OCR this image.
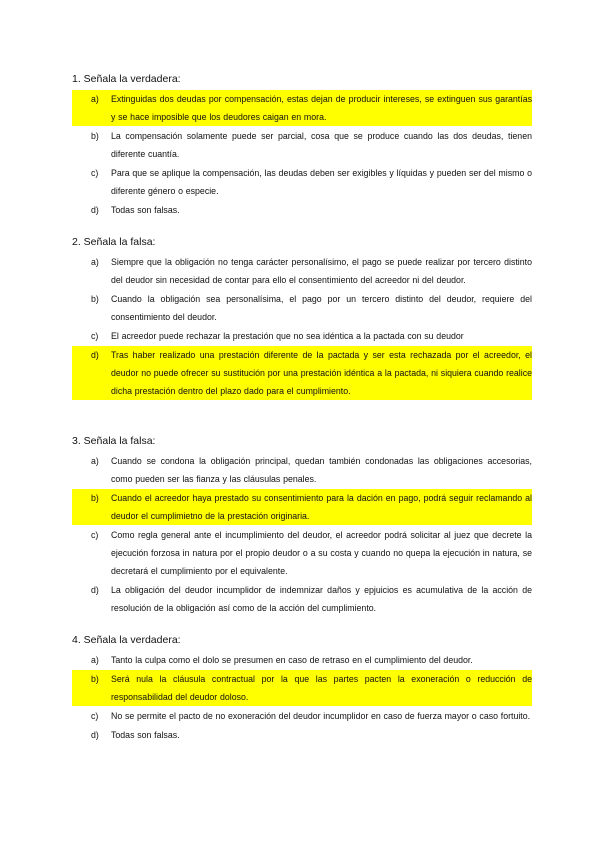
1. Señala la verdadera:
a)	Extinguidas dos deudas por compensación, estas dejan de producir intereses, se extinguen sus garantías y se hace imposible que los deudores caigan en mora.
b)	La compensación solamente puede ser parcial, cosa que se produce cuando las dos deudas, tienen diferente cuantía.
c)	Para que se aplique la compensación, las deudas deben ser exigibles y líquidas y pueden ser del mismo o diferente género o especie.
d)	Todas son falsas.
2. Señala la falsa:
a)	Siempre que la obligación no tenga carácter personalísimo, el pago se puede realizar por tercero distinto del deudor sin necesidad de contar para ello el consentimiento del acreedor ni del deudor.
b)	Cuando la obligación sea personalísima, el pago por un tercero distinto del deudor, requiere del consentimiento del deudor.
c)	El acreedor puede rechazar la prestación que no sea idéntica a la pactada con su deudor
d)	Tras haber realizado una prestación diferente de la pactada y ser esta rechazada por el acreedor, el deudor no puede ofrecer su sustitución por una prestación idéntica a la pactada, ni siquiera cuando realice dicha prestación dentro del plazo dado para el cumplimiento.
3. Señala la falsa:
a)	Cuando se condona la obligación principal, quedan también condonadas las obligaciones accesorias, como pueden ser las fianza y las cláusulas penales.
b)	Cuando el acreedor haya prestado su consentimiento para la dación en pago, podrá seguir reclamando al deudor el cumplimietno de la prestación originaria.
c)	Como regla general ante el incumplimiento del deudor, el acreedor podrá solicitar al juez que decrete la ejecución forzosa in natura por el propio deudor o a su costa y cuando no quepa la ejecución in natura, se decretará el cumplimiento por el equivalente.
d)	La obligación del deudor incumplidor de indemnizar daños y ерjuicios es acumulativa de la acción de resolución de la obligación así como de la acción del cumplimiento.
4. Señala la verdadera:
a)	Tanto la culpa como el dolo se presumen en caso de retraso en el cumplimiento del deudor.
b)	Será nula la cláusula contractual por la que las partes pacten la exoneración o reducción de responsabilidad del deudor doloso.
c)	No se permite el pacto de no exoneración del deudor incumplidor en caso de fuerza mayor o caso fortuito.
d)	Todas son falsas.
